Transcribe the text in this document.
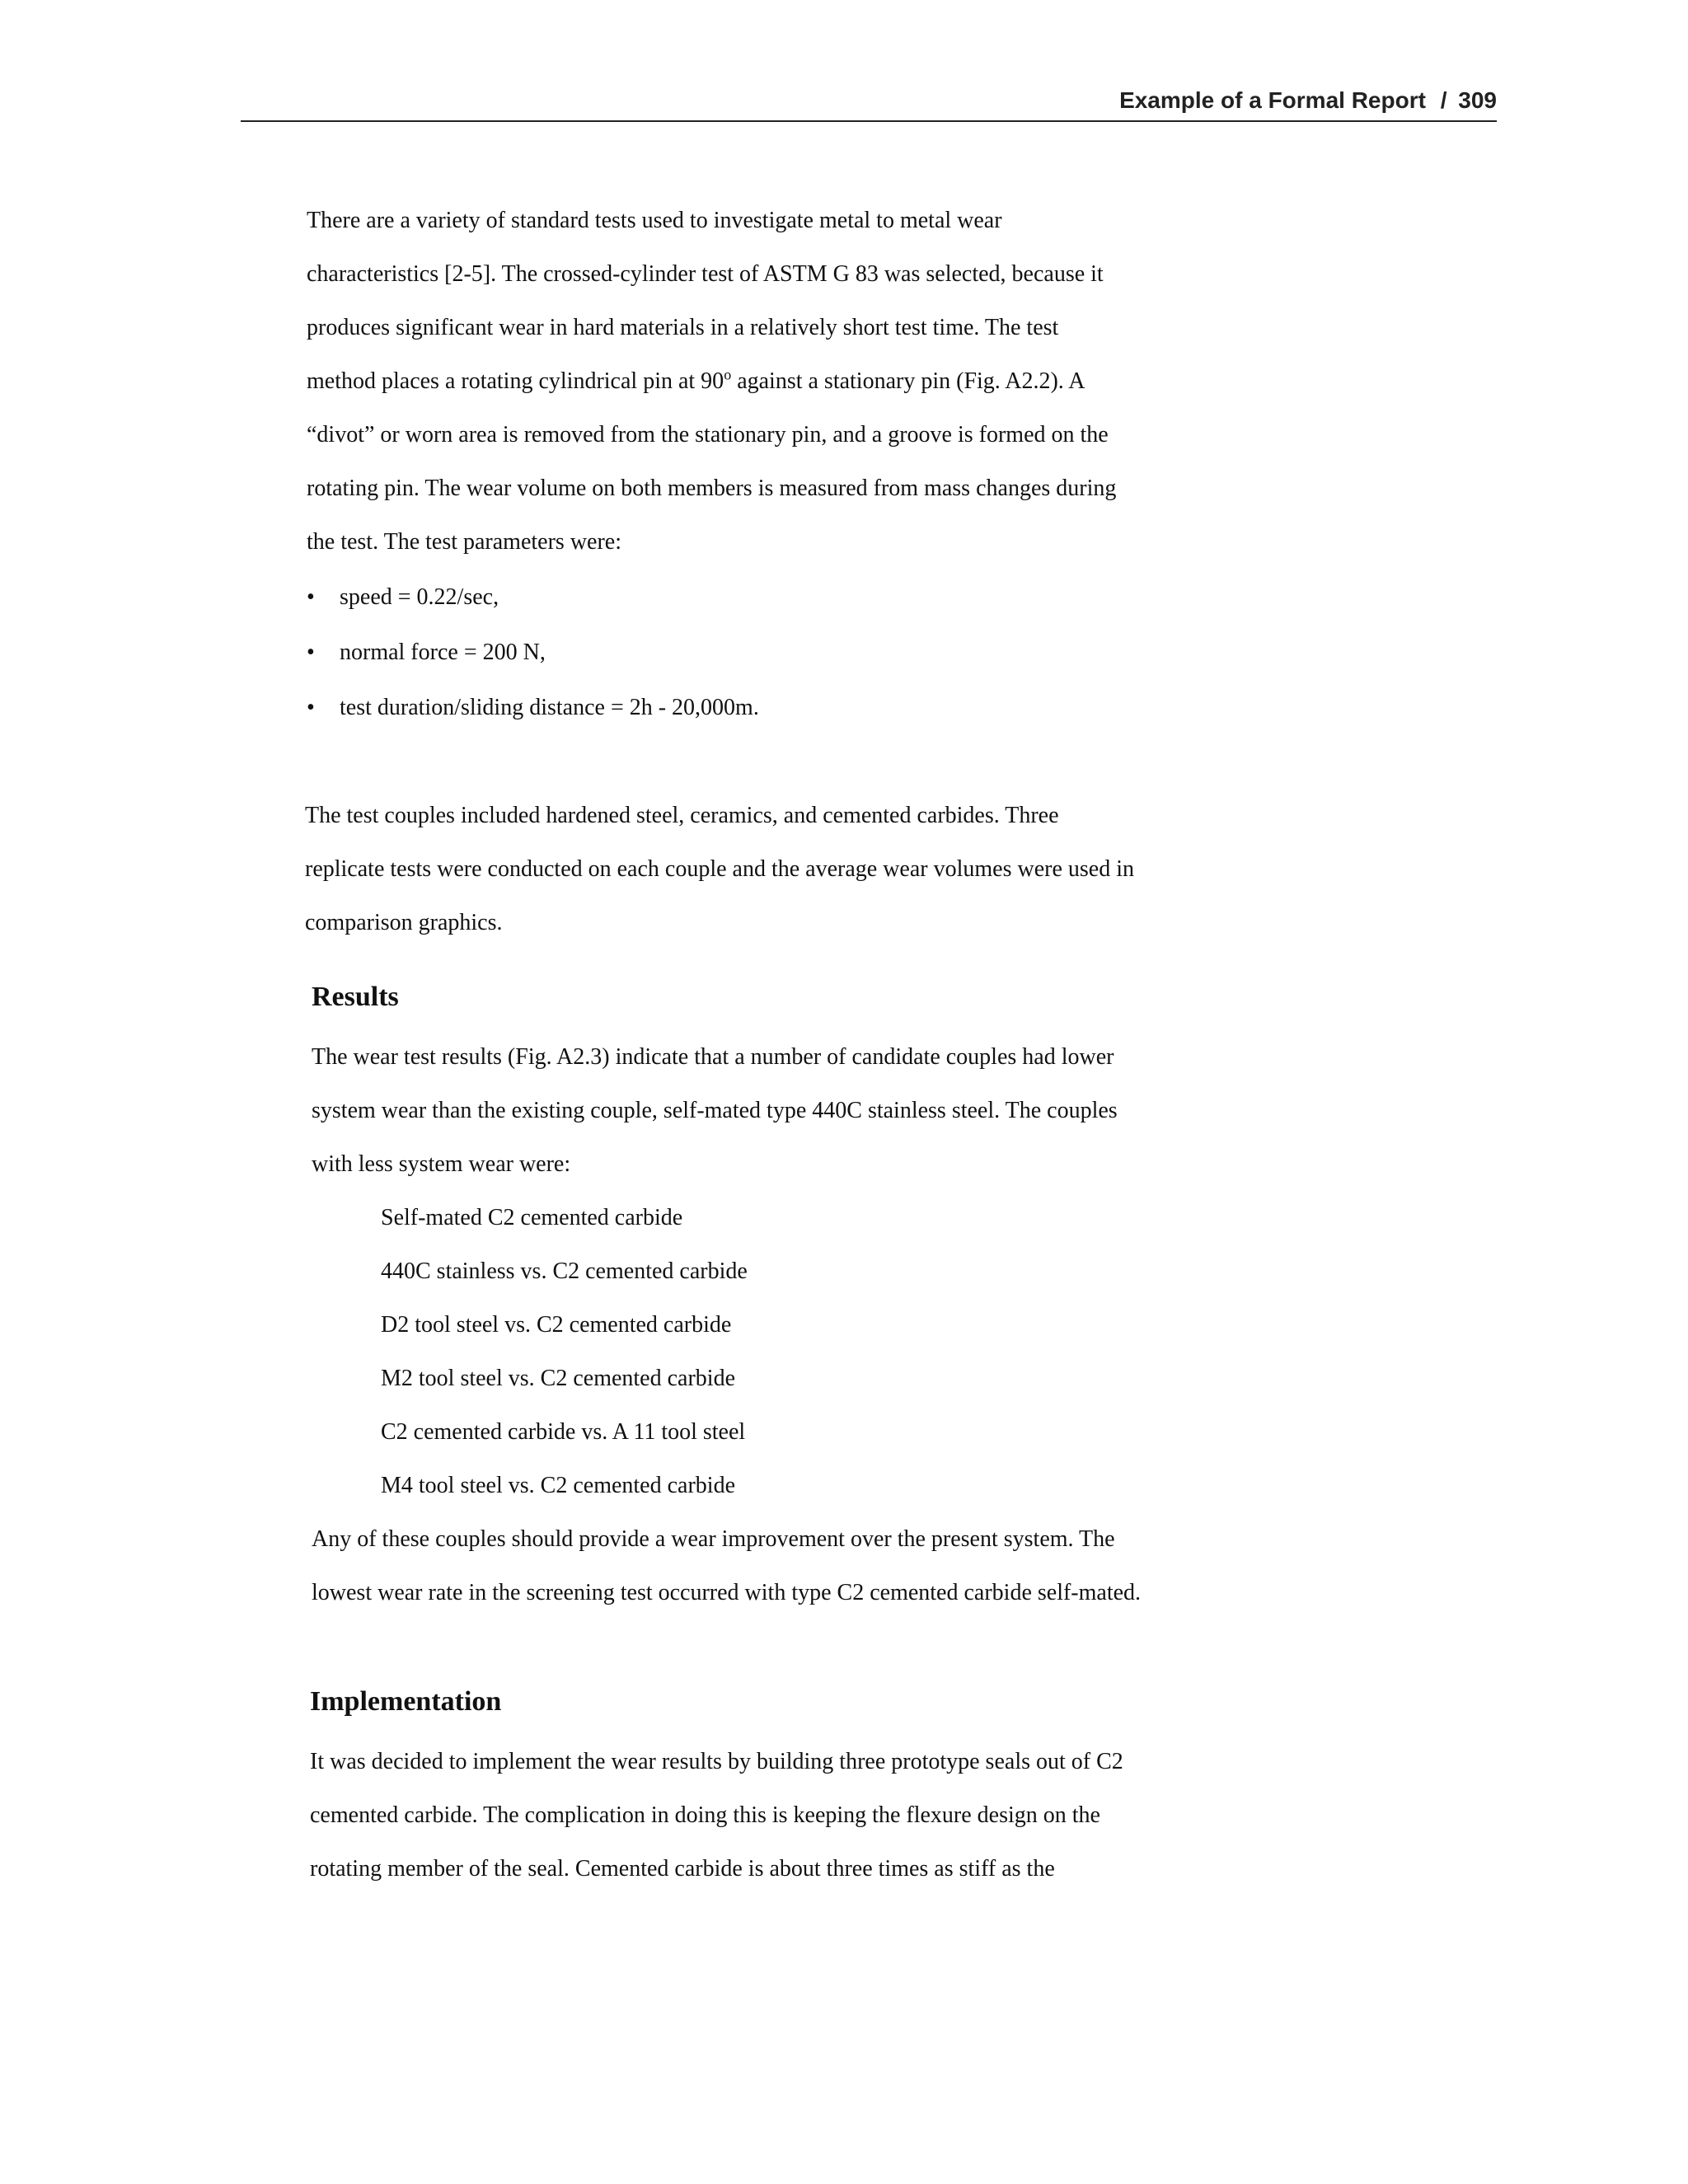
Example of a Formal Report / 309
There are a variety of standard tests used to investigate metal to metal wear
characteristics [2-5]. The crossed-cylinder test of ASTM G 83 was selected, because it
produces significant wear in hard materials in a relatively short test time. The test
method places a rotating cylindrical pin at 90$^o$ against a stationary pin (Fig. A2.2). A
“divot” or worn area is removed from the stationary pin, and a groove is formed on the
rotating pin. The wear volume on both members is measured from mass changes during
the test. The test parameters were:
• speed = 0.22/sec,
• normal force = 200 N,
• test duration/sliding distance = 2h - 20,000m.
The test couples included hardened steel, ceramics, and cemented carbides. Three
replicate tests were conducted on each couple and the average wear volumes were used in
comparison graphics.
Results
The wear test results (Fig. A2.3) indicate that a number of candidate couples had lower
system wear than the existing couple, self-mated type 440C stainless steel. The couples
with less system wear were:
Self-mated C2 cemented carbide
440C stainless vs. C2 cemented carbide
D2 tool steel vs. C2 cemented carbide
M2 tool steel vs. C2 cemented carbide
C2 cemented carbide vs. A 11 tool steel
M4 tool steel vs. C2 cemented carbide
Any of these couples should provide a wear improvement over the present system. The
lowest wear rate in the screening test occurred with type C2 cemented carbide self-mated.
Implementation
It was decided to implement the wear results by building three prototype seals out of C2
cemented carbide. The complication in doing this is keeping the flexure design on the
rotating member of the seal. Cemented carbide is about three times as stiff as the
